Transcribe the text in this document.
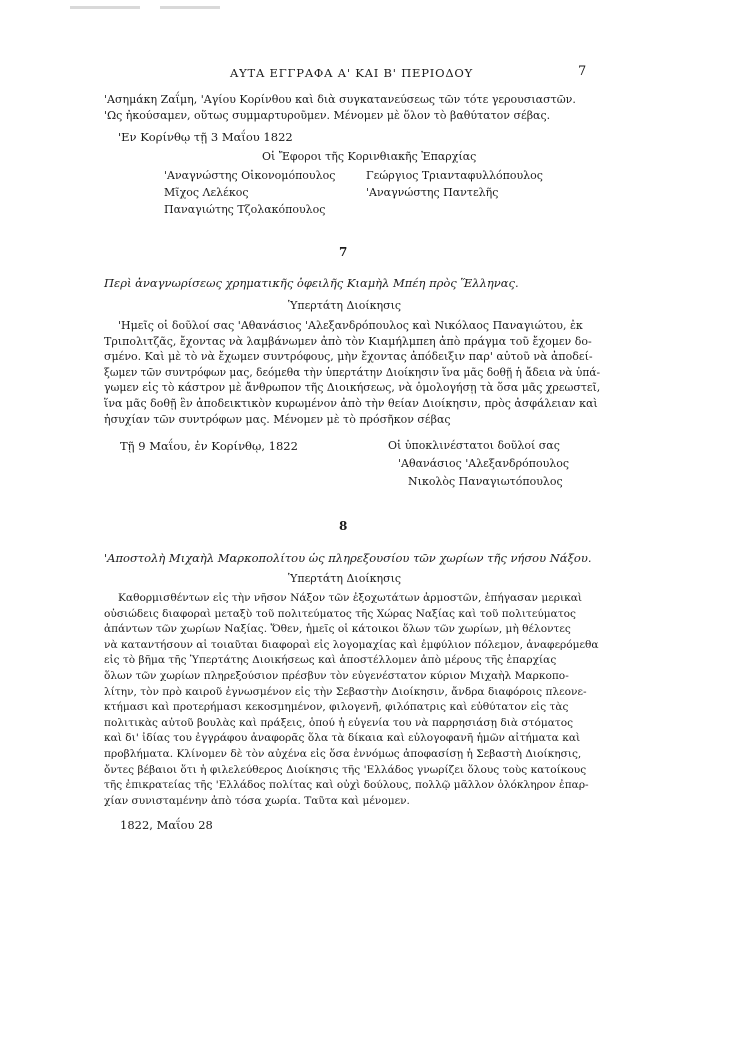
ΑΥΤΑ ΕΓΓΡΑΦΑ Α' ΚΑΙ Β' ΠΕΡΙΟΔΟΥ	7
'Ασημάκη Ζαΐμη, 'Αγίου Κορίνθου καὶ διὰ συγκατανεύσεως τῶν τότε γερουσιαστῶν.
'Ως ἠκούσαμεν, οὕτως συμμαρτυροῦμεν. Μένομεν μὲ ὅλον τὸ βαθύτατον σέβας.
'Εν Κορίνθῳ τῇ 3 Μαΐου 1822
Οἱ Ἔφοροι τῆς Κορινθιακῆς Ἐπαρχίας
'Αναγνώστης Οἰκονομόπουλος
Μῖχος Λελέκος
Παναγιώτης Τζολακόπουλος
Γεώργιος Τριανταφυλλόπουλος
'Αναγνώστης Παντελῆς
7
Περὶ ἀναγνωρίσεως χρηματικῆς ὀφειλῆς Κιαμὴλ Μπέη πρὸς Ἕλληνας.
Ὑπερτάτη Διοίκησις
'Ημεῖς οἱ δοῦλοί σας 'Αθανάσιος 'Αλεξανδρόπουλος καὶ Νικόλαος Παναγιώτου, ἐκ
Τριπολιτζᾶς, ἔχοντας νὰ λαμβάνωμεν ἀπὸ τὸν Κιαμήλμπεη ἀπὸ πράγμα τοῦ ἔχομεν δο-
σμένο. Καὶ μὲ τὸ νὰ ἔχωμεν συντρόφους, μὴν ἔχοντας ἀπόδειξιν παρ' αὐτοῦ νὰ ἀποδεί-
ξωμεν τῶν συντρόφων μας, δεόμεθα τὴν ὑπερτάτην Διοίκησιν ἵνα μᾶς δοθῇ ἡ ἄδεια νὰ ὑπά-
γωμεν εἰς τὸ κάστρον μὲ ἄνθρωπον τῆς Διοικήσεως, νὰ ὁμολογήσῃ τὰ ὅσα μᾶς χρεωστεῖ,
ἵνα μᾶς δοθῇ ἓν ἀποδεικτικὸν κυρωμένον ἀπὸ τὴν θείαν Διοίκησιν, πρὸς ἀσφάλειαν καὶ
ἡσυχίαν τῶν συντρόφων μας. Μένομεν μὲ τὸ πρόσῆκον σέβας
Τῇ 9 Μαΐου, ἐν Κορίνθῳ, 1822	Οἱ ὑποκλινέστατοι δοῦλοί σας
'Αθανάσιος 'Αλεξανδρόπουλος
Νικολὸς Παναγιωτόπουλος
8
'Αποστολὴ Μιχαὴλ Μαρκοπολίτου ὡς πληρεξουσίου τῶν χωρίων τῆς νήσου Νάξου.
Ὑπερτάτη Διοίκησις
Καθορμισθέντων εἰς τὴν νῆσον Νάξον τῶν ἐξοχωτάτων ἁρμοστῶν, ἐπήγασαν μερικαὶ
οὐσιώδεις διαφοραὶ μεταξὺ τοῦ πολιτεύματος τῆς Χώρας Ναξίας καὶ τοῦ πολιτεύματος
ἁπάντων τῶν χωρίων Ναξίας. Ὅθεν, ἡμεῖς οἱ κάτοικοι ὅλων τῶν χωρίων, μὴ θέλοντες
νὰ καταντήσουν αἱ τοιαῦται διαφοραὶ εἰς λογομαχίας καὶ ἐμφύλιον πόλεμον, ἀναφερόμεθα
εἰς τὸ βῆμα τῆς Ὑπερτάτης Διοικήσεως καὶ ἀποστέλλομεν ἀπὸ μέρους τῆς ἐπαρχίας
ὅλων τῶν χωρίων πληρεξούσιον πρέσβυν τὸν εὐγενέστατον κύριον Μιχαὴλ Μαρκοπο-
λίτην, τὸν πρὸ καιροῦ ἐγνωσμένον εἰς τὴν Σεβαστὴν Διοίκησιν, ἄνδρα διαφόροις πλεονε-
κτήμασι καὶ προτερήμασι κεκοσμημένον, φιλογενῆ, φιλόπατρις καὶ εὐθύτατον εἰς τὰς
πολιτικὰς αὐτοῦ βουλὰς καὶ πράξεις, ὁπού ἡ εὐγενία του νὰ παρρησιάσῃ διὰ στόματος
καὶ δι' ἰδίας του ἐγγράφου ἀναφορᾶς ὅλα τὰ δίκαια καὶ εὐλογοφανῆ ἡμῶν αἰτήματα καὶ
προβλήματα. Κλίνομεν δὲ τὸν αὐχένα εἰς ὅσα ἐννόμως ἀποφασίσῃ ἡ Σεβαστὴ Διοίκησις,
ὄντες βέβαιοι ὅτι ἡ φιλελεύθερος Διοίκησις τῆς 'Ελλάδος γνωρίζει ὅλους τοὺς κατοίκους
τῆς ἐπικρατείας τῆς 'Ελλάδος πολίτας καὶ οὐχὶ δούλους, πολλῷ μᾶλλον ὁλόκληρον ἐπαρ-
χίαν συνισταμένην ἀπὸ τόσα χωρία. Ταῦτα καὶ μένομεν.
1822, Μαΐου 28
